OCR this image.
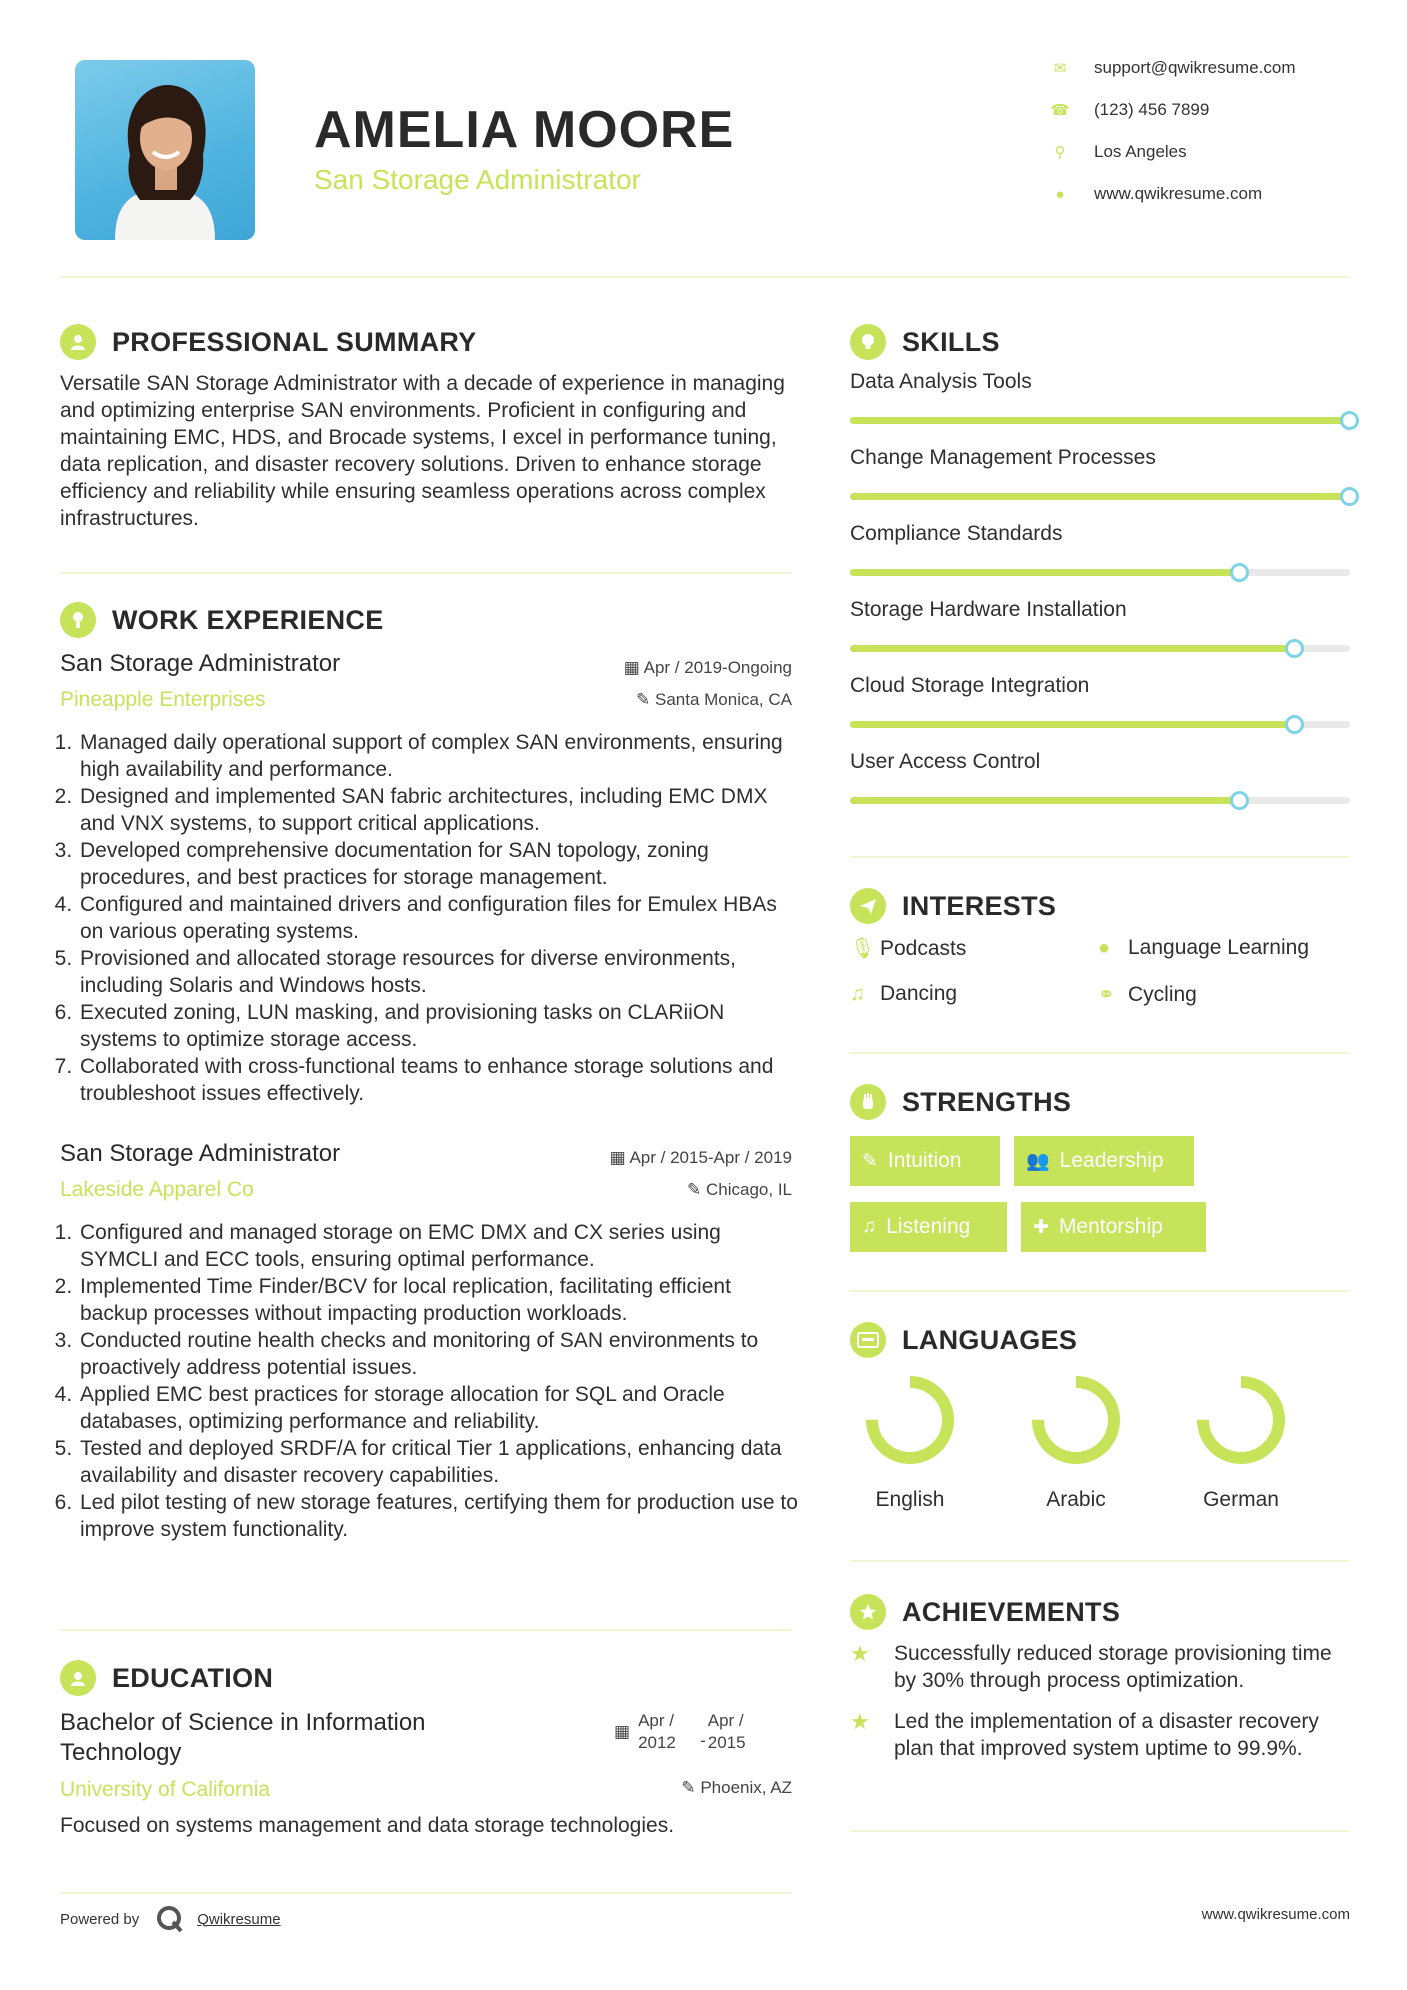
AMELIA MOORE
San Storage Administrator
✉ support@qwikresume.com
☎ (123) 456 7899
⚲ Los Angeles
●	www.qwikresume.com
PROFESSIONAL SUMMARY
Versatile SAN Storage Administrator with a decade of experience in managing and optimizing enterprise SAN environments. Proficient in configuring and maintaining EMC, HDS, and Brocade systems, I excel in performance tuning, data replication, and disaster recovery solutions. Driven to enhance storage efficiency and reliability while ensuring seamless operations across complex infrastructures.
WORK EXPERIENCE
San Storage Administrator
Pineapple Enterprises
▦ Apr / 2019-Ongoing
✎ Santa Monica, CA
1. Managed daily operational support of complex SAN environments, ensuring high availability and performance.
2. Designed and implemented SAN fabric architectures, including EMC DMX and VNX systems, to support critical applications.
3. Developed comprehensive documentation for SAN topology, zoning procedures, and best practices for storage management.
4. Configured and maintained drivers and configuration files for Emulex HBAs on various operating systems.
5. Provisioned and allocated storage resources for diverse environments, including Solaris and Windows hosts.
6. Executed zoning, LUN masking, and provisioning tasks on CLARiiON systems to optimize storage access.
7. Collaborated with cross-functional teams to enhance storage solutions and troubleshoot issues effectively.
San Storage Administrator
Lakeside Apparel Co
▦ Apr / 2015-Apr / 2019
✎ Chicago, IL
1. Configured and managed storage on EMC DMX and CX series using SYMCLI and ECC tools, ensuring optimal performance.
2. Implemented Time Finder/BCV for local replication, facilitating efficient backup processes without impacting production workloads.
3. Conducted routine health checks and monitoring of SAN environments to proactively address potential issues.
4. Applied EMC best practices for storage allocation for SQL and Oracle databases, optimizing performance and reliability.
5. Tested and deployed SRDF/A for critical Tier 1 applications, enhancing data availability and disaster recovery capabilities.
6. Led pilot testing of new storage features, certifying them for production use to improve system functionality.
EDUCATION
Bachelor of Science in Information
Technology
University of California
▦
Apr / 2012	-
Apr / 2015
✎ Phoenix, AZ
Focused on systems management and data storage technologies.
SKILLS
Data Analysis Tools
Change Management Processes
Compliance Standards
Storage Hardware Installation
Cloud Storage Integration
User Access Control
INTERESTS
🎙 Podcasts	● Language Learning
♫ Dancing	⚭ Cycling
STRENGTHS
✎ Intuition	👥 Leadership
♫ Listening	✚ Mentorship
LANGUAGES
English	Arabic	German
ACHIEVEMENTS
★	Successfully reduced storage provisioning time by 30% through process optimization.
★	Led the implementation of a disaster recovery plan that improved system uptime to 99.9%.
Powered by	Qwikresume	www.qwikresume.com
